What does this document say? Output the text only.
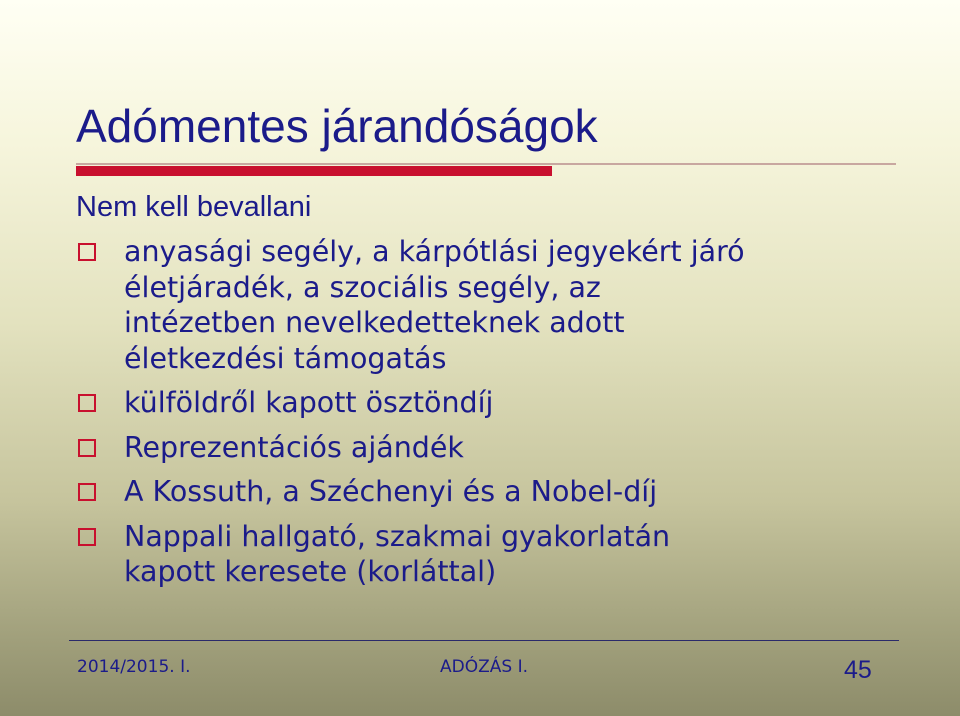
Adómentes járandóságok

Nem kell bevallani

anyasági segély, a kárpótlási jegyekért járó
életjáradék, a szociális segély, az
intézetben nevelkedetteknek adott
életkezdési támogatás
külföldről kapott ösztöndíj
Reprezentációs ajándék
A Kossuth, a Széchenyi és a Nobel-díj
Nappali hallgató, szakmai gyakorlatán
kapott keresete (korláttal)
2014/2015. I.	ADÓZÁS I.	45
